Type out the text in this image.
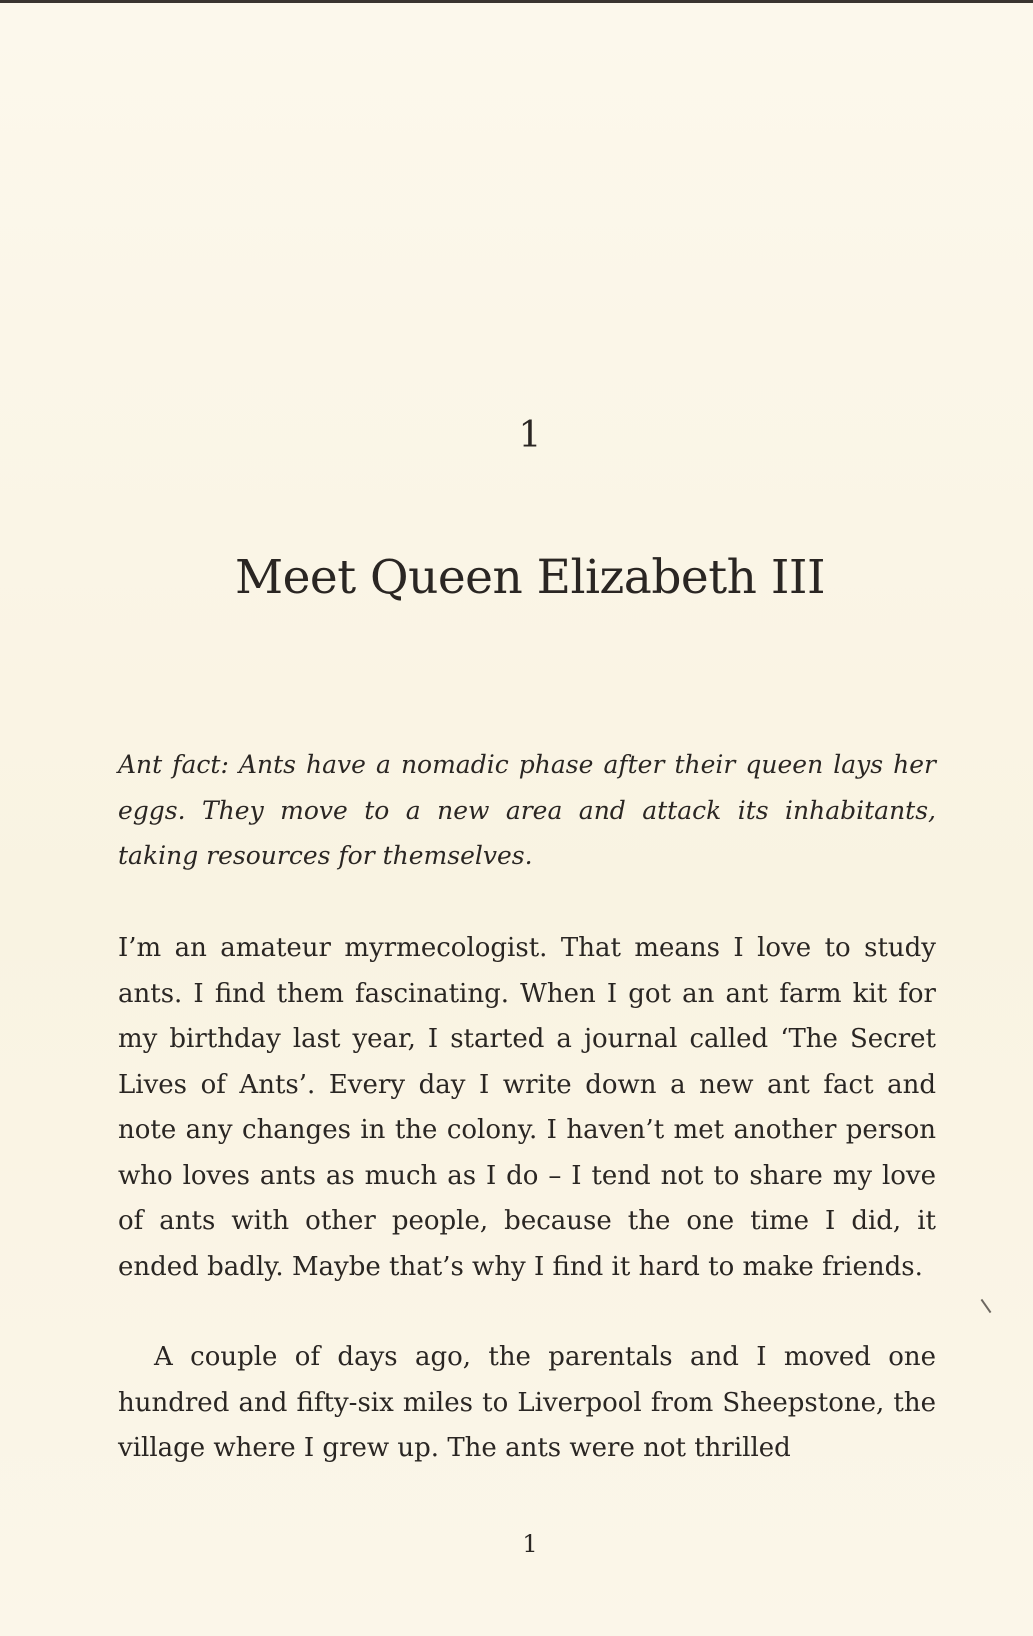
1
Meet Queen Elizabeth III

Ant fact: Ants have a nomadic phase after their queen lays her eggs. They move to a new area and attack its inhabitants, taking resources for themselves.

I’m an amateur myrmecologist. That means I love to study ants. I find them fascinating. When I got an ant farm kit for my birthday last year, I started a journal called ‘The Secret Lives of Ants’. Every day I write down a new ant fact and note any changes in the colony. I haven’t met another person who loves ants as much as I do – I tend not to share my love of ants with other people, because the one time I did, it ended badly. Maybe that’s why I find it hard to make friends.

A couple of days ago, the parentals and I moved one hundred and fifty-six miles to Liverpool from Sheepstone, the village where I grew up. The ants were not thrilled

1
